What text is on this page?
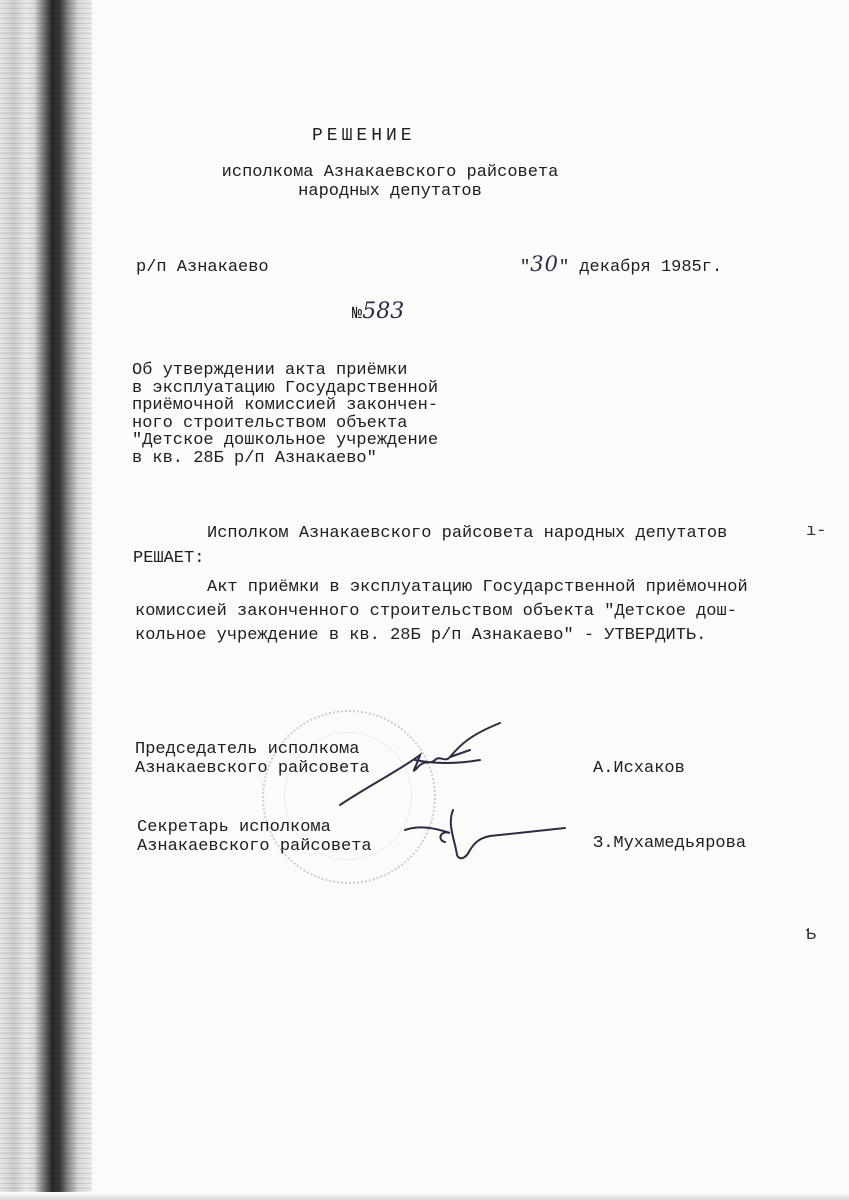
РЕШЕНИЕ
исполкома Азнакаевского райсовета
народных депутатов
р/п Азнакаево	"30" декабря 1985г.
№583
Об утверждении акта приёмки
в эксплуатацию Государственной
приёмочной комиссией закончен-
ного строительством объекта
"Детское дошкольное учреждение
в кв. 28Б р/п Азнакаево"
Исполком Азнакаевского райсовета народных депутатов
РЕШАЕТ:
Акт приёмки в эксплуатацию Государственной приёмочной
комиссией законченного строительством объекта "Детское дош-
кольное учреждение в кв. 28Б р/п Азнакаево" - УТВЕРДИТЬ.
Председатель исполкома
Азнакаевского райсовета	А.Исхаков
Секретарь исполкома
Азнакаевского райсовета	З.Мухамедьярова
ı-
Ƅ
